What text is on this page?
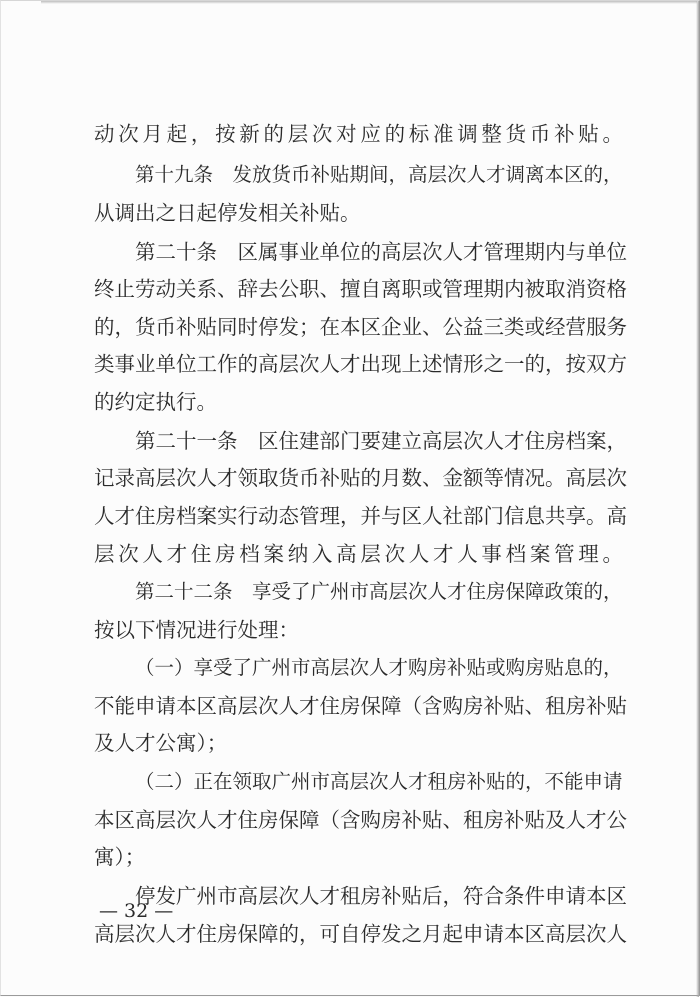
动次月起，按新的层次对应的标准调整货币补贴。

第十九条　发放货币补贴期间，高层次人才调离本区的，

从调出之日起停发相关补贴。

第二十条　区属事业单位的高层次人才管理期内与单位

终止劳动关系、辞去公职、擅自离职或管理期内被取消资格

的，货币补贴同时停发；在本区企业、公益三类或经营服务

类事业单位工作的高层次人才出现上述情形之一的，按双方

的约定执行。

第二十一条　区住建部门要建立高层次人才住房档案，

记录高层次人才领取货币补贴的月数、金额等情况。高层次

人才住房档案实行动态管理，并与区人社部门信息共享。高

层次人才住房档案纳入高层次人才人事档案管理。

第二十二条　享受了广州市高层次人才住房保障政策的，

按以下情况进行处理：

（一）享受了广州市高层次人才购房补贴或购房贴息的，

不能申请本区高层次人才住房保障（含购房补贴、租房补贴

及人才公寓）；

（二）正在领取广州市高层次人才租房补贴的，不能申请

本区高层次人才住房保障（含购房补贴、租房补贴及人才公

寓）；

停发广州市高层次人才租房补贴后，符合条件申请本区

高层次人才住房保障的，可自停发之月起申请本区高层次人

— 32 —
